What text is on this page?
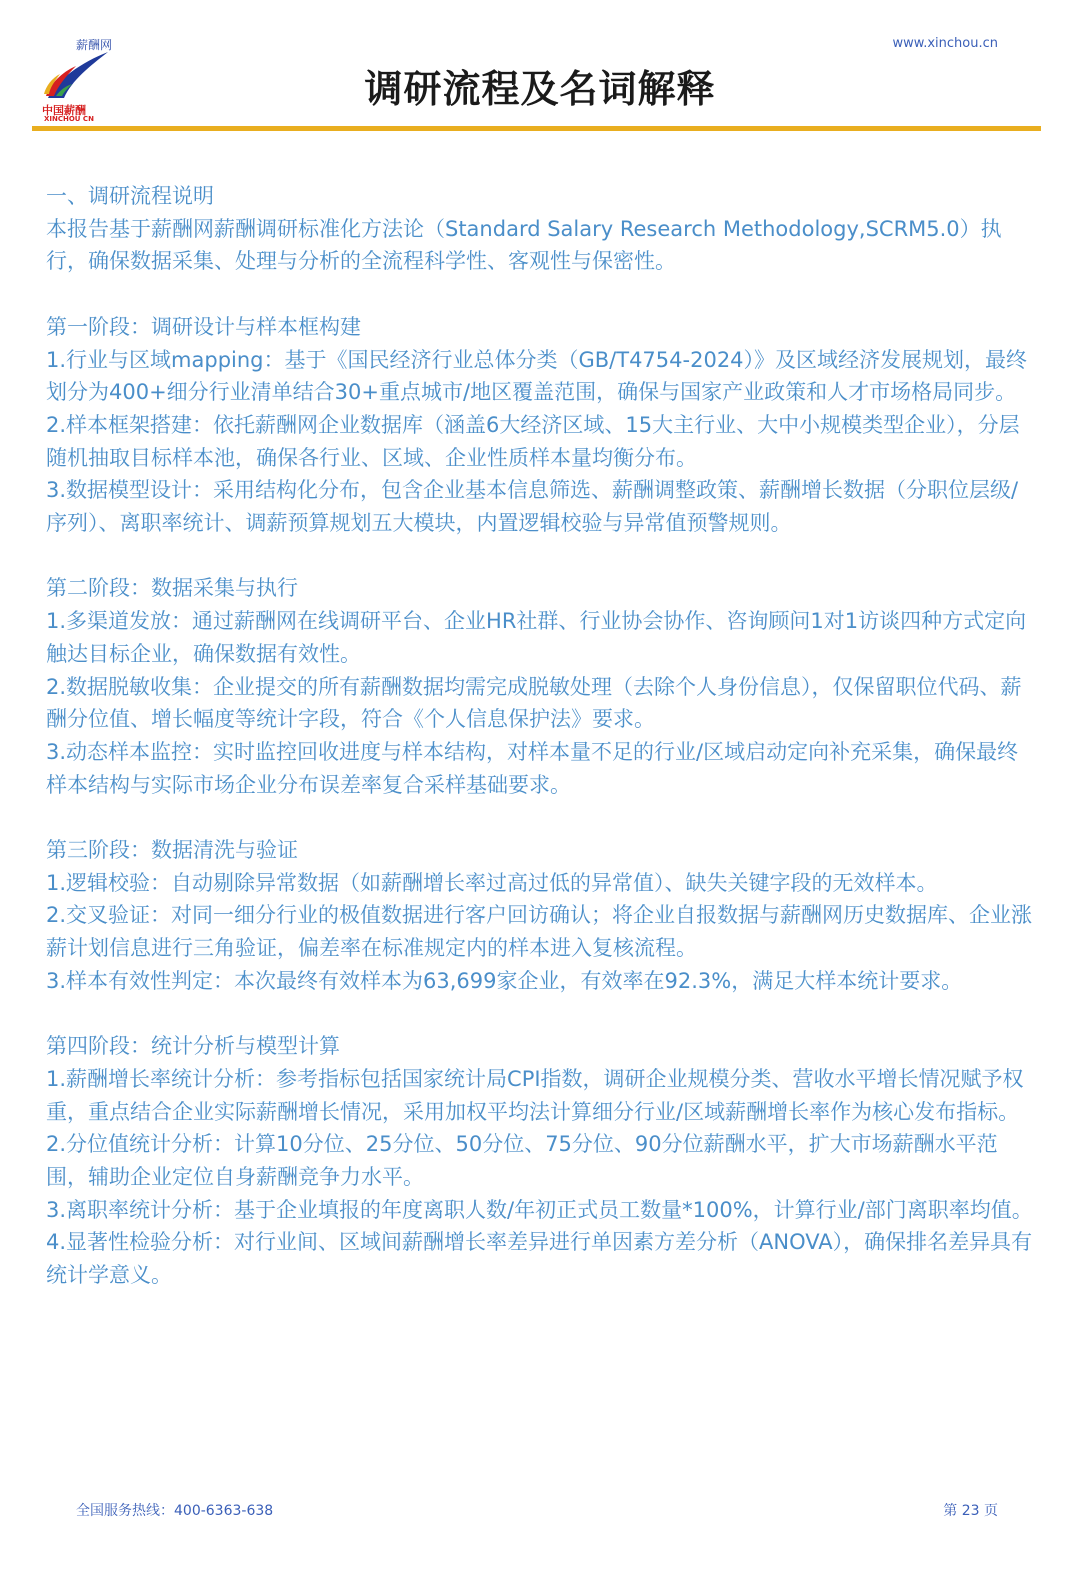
薪酬网
中国薪酬
XINCHOU CN
www.xinchou.cn
调研流程及名词解释

一、调研流程说明

本报告基于薪酬网薪酬调研标准化方法论（Standard Salary Research Methodology,SCRM5.0）执行，确保数据采集、处理与分析的全流程科学性、客观性与保密性。

第一阶段：调研设计与样本框构建

1.行业与区域mapping：基于《国民经济行业总体分类（GB/T4754-2024）》及区域经济发展规划，最终划分为400+细分行业清单结合30+重点城市/地区覆盖范围，确保与国家产业政策和人才市场格局同步。

2.样本框架搭建：依托薪酬网企业数据库（涵盖6大经济区域、15大主行业、大中小规模类型企业），分层随机抽取目标样本池，确保各行业、区域、企业性质样本量均衡分布。

3.数据模型设计：采用结构化分布，包含企业基本信息筛选、薪酬调整政策、薪酬增长数据（分职位层级/序列）、离职率统计、调薪预算规划五大模块，内置逻辑校验与异常值预警规则。

第二阶段：数据采集与执行

1.多渠道发放：通过薪酬网在线调研平台、企业HR社群、行业协会协作、咨询顾问1对1访谈四种方式定向触达目标企业，确保数据有效性。

2.数据脱敏收集：企业提交的所有薪酬数据均需完成脱敏处理（去除个人身份信息），仅保留职位代码、薪酬分位值、增长幅度等统计字段，符合《个人信息保护法》要求。

3.动态样本监控：实时监控回收进度与样本结构，对样本量不足的行业/区域启动定向补充采集，确保最终样本结构与实际市场企业分布误差率复合采样基础要求。

第三阶段：数据清洗与验证

1.逻辑校验：自动剔除异常数据（如薪酬增长率过高过低的异常值）、缺失关键字段的无效样本。

2.交叉验证：对同一细分行业的极值数据进行客户回访确认；将企业自报数据与薪酬网历史数据库、企业涨薪计划信息进行三角验证，偏差率在标准规定内的样本进入复核流程。

3.样本有效性判定：本次最终有效样本为63,699家企业，有效率在92.3%，满足大样本统计要求。

第四阶段：统计分析与模型计算

1.薪酬增长率统计分析：参考指标包括国家统计局CPI指数，调研企业规模分类、营收水平增长情况赋予权重，重点结合企业实际薪酬增长情况，采用加权平均法计算细分行业/区域薪酬增长率作为核心发布指标。

2.分位值统计分析：计算10分位、25分位、50分位、75分位、90分位薪酬水平，扩大市场薪酬水平范围，辅助企业定位自身薪酬竞争力水平。

3.离职率统计分析：基于企业填报的年度离职人数/年初正式员工数量*100%，计算行业/部门离职率均值。

4.显著性检验分析：对行业间、区域间薪酬增长率差异进行单因素方差分析（ANOVA），确保排名差异具有统计学意义。

全国服务热线：400-6363-638	第 23 页
